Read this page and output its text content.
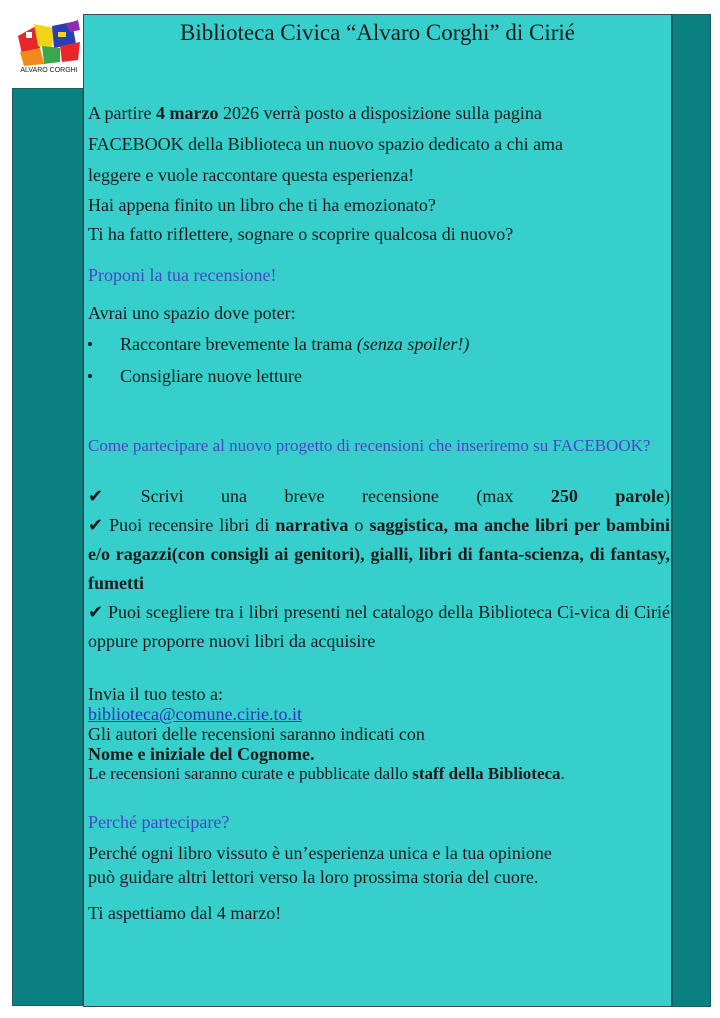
ALVARO CORGHI
Biblioteca Civica “Alvaro Corghi” di Cirié

A partire 4 marzo 2026 verrà posto a disposizione sulla pagina

FACEBOOK della Biblioteca un nuovo spazio dedicato a chi ama

leggere e vuole raccontare questa esperienza!

Hai appena finito un libro che ti ha emozionato?

Ti ha fatto riflettere, sognare o scoprire qualcosa di nuovo?

Proponi la tua recensione!

Avrai uno spazio dove poter:

Raccontare brevemente la trama (senza spoiler!)
Consigliare nuove letture

Come partecipare al nuovo progetto di recensioni che inseriremo su FACEBOOK?

✔ Scrivi una breve recensione (max 250 parole)
✔ Puoi recensire libri di narrativa o saggistica, ma anche libri per bambini e/o ragazzi(con consigli ai genitori), gialli, libri di fanta-scienza, di fantasy, fumetti
✔ Puoi scegliere tra i libri presenti nel catalogo della Biblioteca Ci-vica di Cirié oppure proporre nuovi libri da acquisire

Invia il tuo testo a:

biblioteca@comune.cirie.to.it

Gli autori delle recensioni saranno indicati con

Nome e iniziale del Cognome.

Le recensioni saranno curate e pubblicate dallo staff della Biblioteca.

Perché partecipare?

Perché ogni libro vissuto è un’esperienza unica e la tua opinione

può guidare altri lettori verso la loro prossima storia del cuore.

Ti aspettiamo dal 4 marzo!
